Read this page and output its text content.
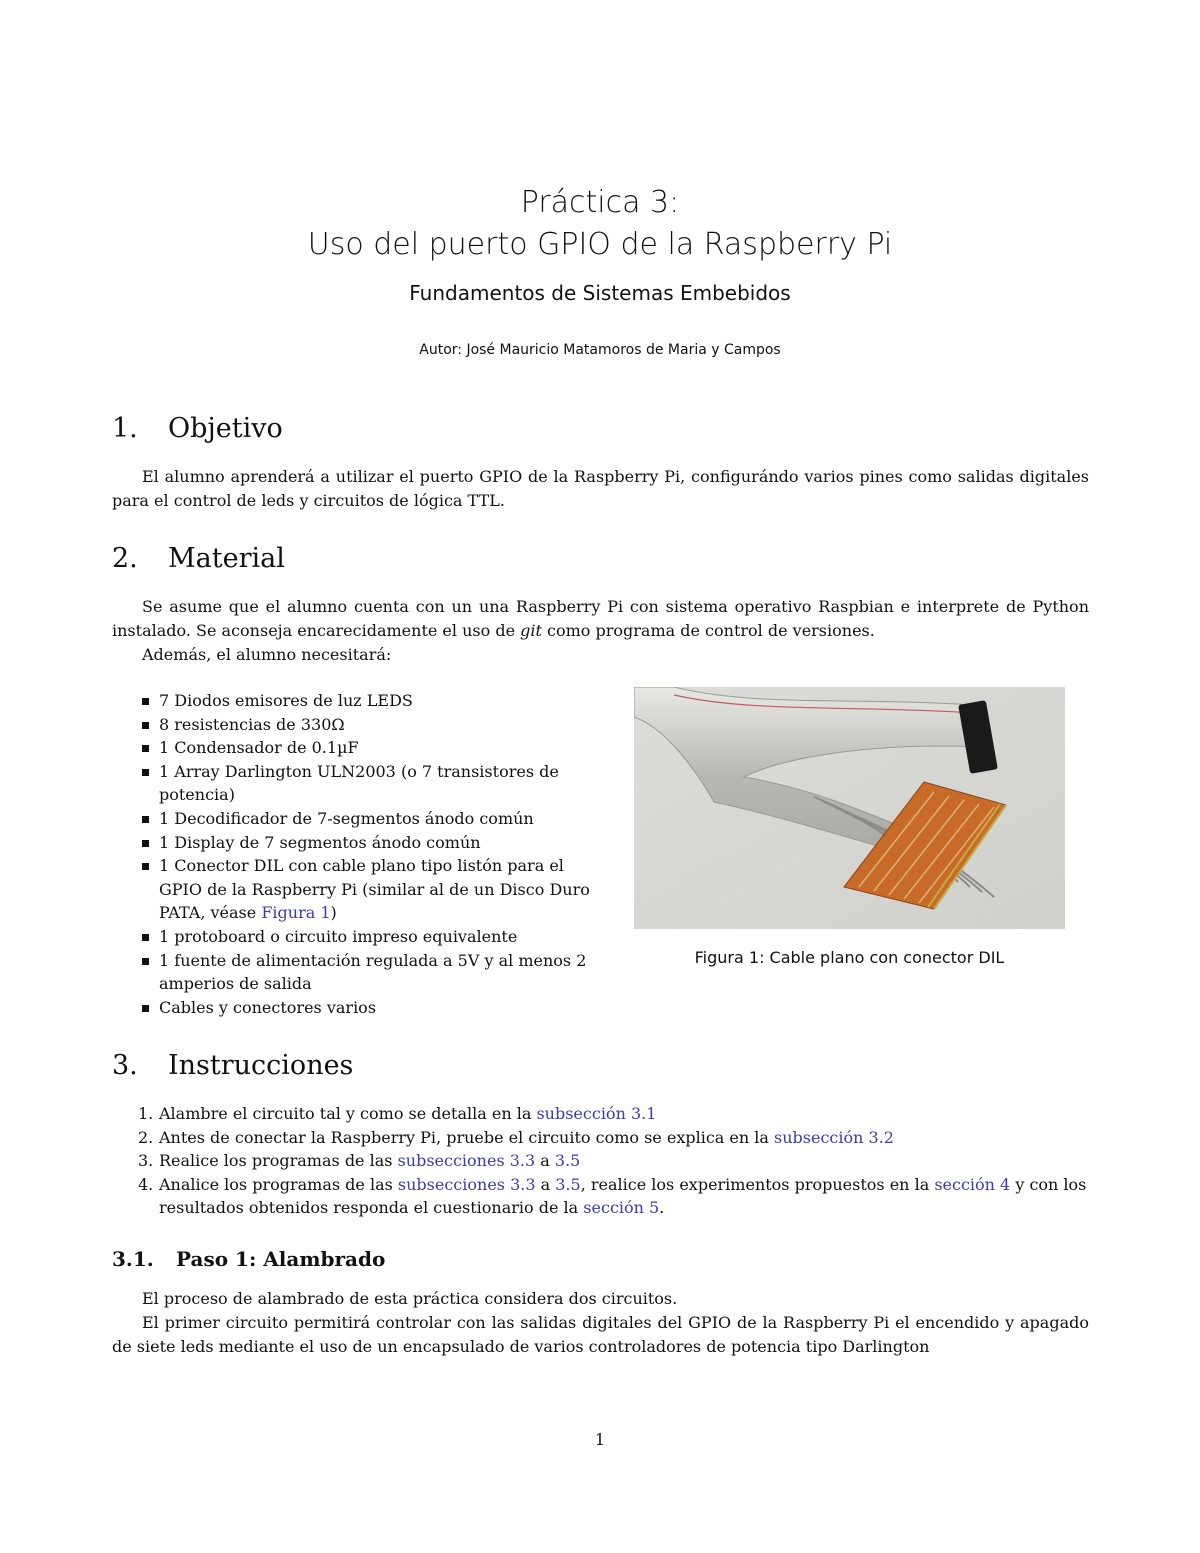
Práctica 3:
Uso del puerto GPIO de la Raspberry Pi
Fundamentos de Sistemas Embebidos
Autor: José Mauricio Matamoros de Maria y Campos
1. Objetivo

El alumno aprenderá a utilizar el puerto GPIO de la Raspberry Pi, configurándo varios pines como salidas digitales para el control de leds y circuitos de lógica TTL.

2. Material

Se asume que el alumno cuenta con un una Raspberry Pi con sistema operativo Raspbian e interprete de Python instalado. Se aconseja encarecidamente el uso de git como programa de control de versiones.

Además, el alumno necesitará:

7 Diodos emisores de luz LEDS
8 resistencias de 330Ω
1 Condensador de 0.1µF
1 Array Darlington ULN2003 (o 7 transistores de potencia)
1 Decodificador de 7-segmentos ánodo común
1 Display de 7 segmentos ánodo común
1 Conector DIL con cable plano tipo listón para el GPIO de la Raspberry Pi (similar al de un Disco Duro PATA, véase Figura 1)
1 protoboard o circuito impreso equivalente
1 fuente de alimentación regulada a 5V y al menos 2 amperios de salida
Cables y conectores varios
Figura 1: Cable plano con conector DIL
3. Instrucciones
1. Alambre el circuito tal y como se detalla en la subsección 3.1
2. Antes de conectar la Raspberry Pi, pruebe el circuito como se explica en la subsección 3.2
3. Realice los programas de las subsecciones 3.3 a 3.5
4. Analice los programas de las subsecciones 3.3 a 3.5, realice los experimentos propuestos en la sección 4 y con los resultados obtenidos responda el cuestionario de la sección 5.
3.1. Paso 1: Alambrado

El proceso de alambrado de esta práctica considera dos circuitos.

El primer circuito permitirá controlar con las salidas digitales del GPIO de la Raspberry Pi el encendido y apagado de siete leds mediante el uso de un encapsulado de varios controladores de potencia tipo Darlington

1
